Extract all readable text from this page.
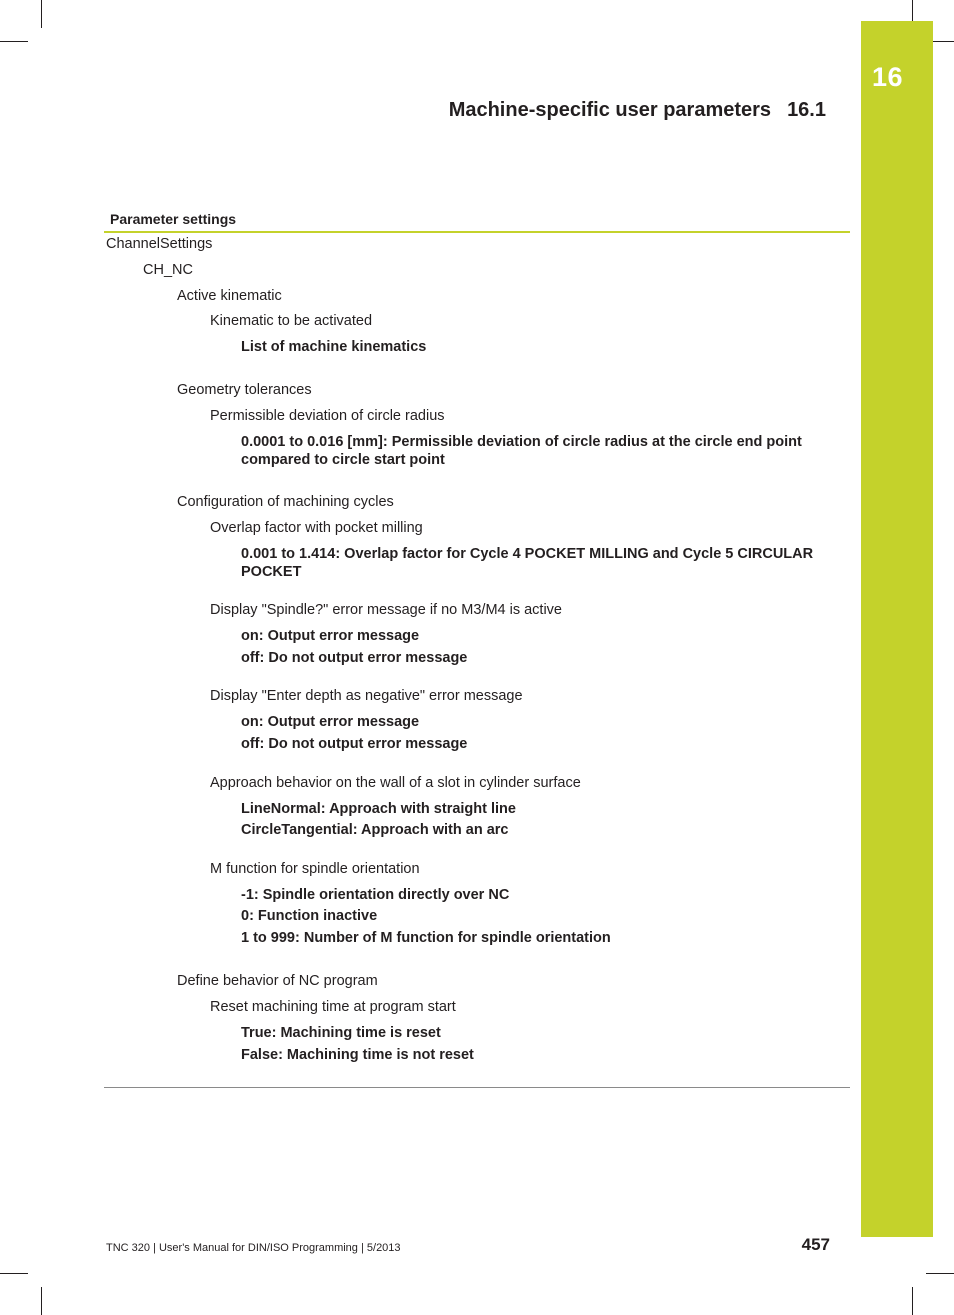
16
Machine-specific user parameters 16.1
Parameter settings
ChannelSettings
CH_NC
Active kinematic
Kinematic to be activated
List of machine kinematics
Geometry tolerances
Permissible deviation of circle radius
0.0001 to 0.016 [mm]: Permissible deviation of circle radius at the circle end point compared to circle start point
Configuration of machining cycles
Overlap factor with pocket milling
0.001 to 1.414: Overlap factor for Cycle 4 POCKET MILLING and Cycle 5 CIRCULAR POCKET
Display "Spindle?" error message if no M3/M4 is active
on: Output error message
off: Do not output error message
Display "Enter depth as negative" error message
on: Output error message
off: Do not output error message
Approach behavior on the wall of a slot in cylinder surface
LineNormal: Approach with straight line
CircleTangential: Approach with an arc
M function for spindle orientation
-1: Spindle orientation directly over NC
0: Function inactive
1 to 999: Number of M function for spindle orientation
Define behavior of NC program
Reset machining time at program start
True: Machining time is reset
False: Machining time is not reset
TNC 320 | User's Manual for DIN/ISO Programming | 5/2013	457
